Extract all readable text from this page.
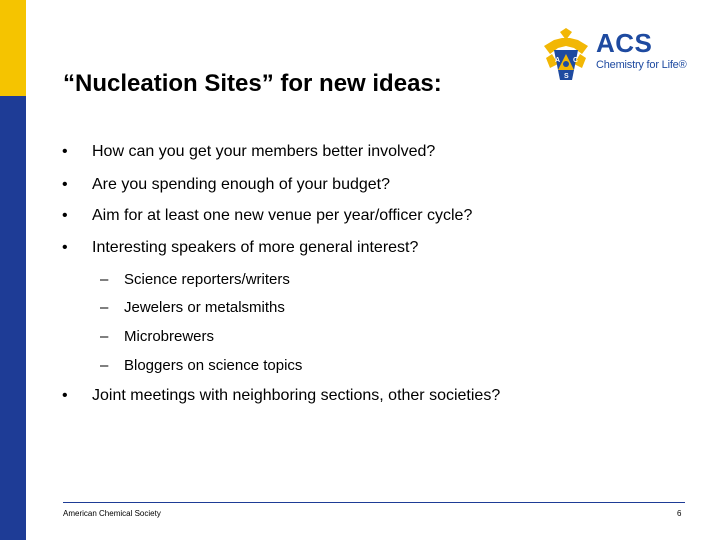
“Nucleation Sites” for new ideas:
A C
S
ACS
Chemistry for Life®
• How can you get your members better involved?
• Are you spending enough of your budget?
• Aim for at least one new venue per year/officer cycle?
• Interesting speakers of more general interest?
– Science reporters/writers
– Jewelers or metalsmiths
– Microbrewers
– Bloggers on science topics
• Joint meetings with neighboring sections, other societies?
American Chemical Society	6
